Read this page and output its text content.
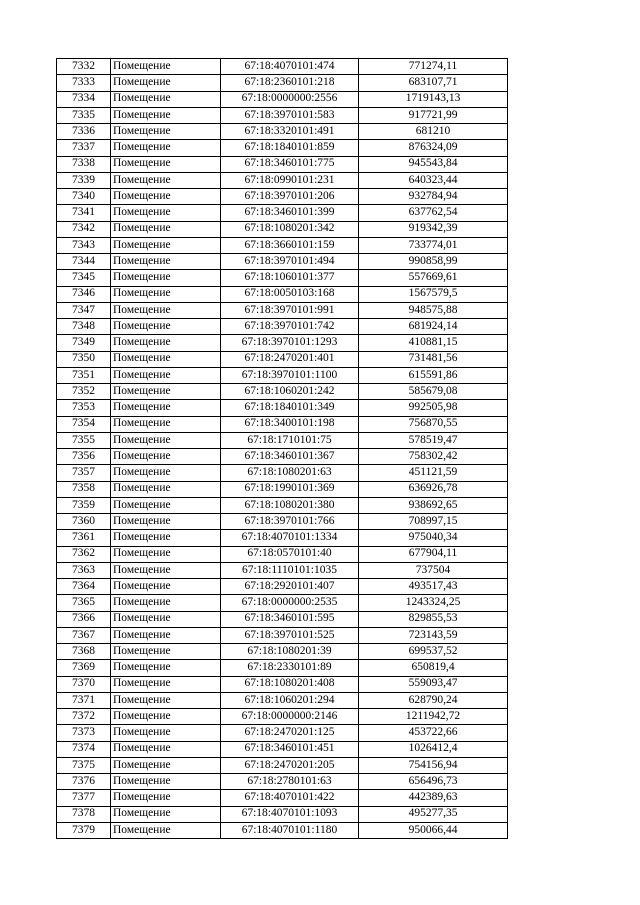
7332	Помещение	67:18:4070101:474	771274,11
7333	Помещение	67:18:2360101:218	683107,71
7334	Помещение	67:18:0000000:2556	1719143,13
7335	Помещение	67:18:3970101:583	917721,99
7336	Помещение	67:18:3320101:491	681210
7337	Помещение	67:18:1840101:859	876324,09
7338	Помещение	67:18:3460101:775	945543,84
7339	Помещение	67:18:0990101:231	640323,44
7340	Помещение	67:18:3970101:206	932784,94
7341	Помещение	67:18:3460101:399	637762,54
7342	Помещение	67:18:1080201:342	919342,39
7343	Помещение	67:18:3660101:159	733774,01
7344	Помещение	67:18:3970101:494	990858,99
7345	Помещение	67:18:1060101:377	557669,61
7346	Помещение	67:18:0050103:168	1567579,5
7347	Помещение	67:18:3970101:991	948575,88
7348	Помещение	67:18:3970101:742	681924,14
7349	Помещение	67:18:3970101:1293	410881,15
7350	Помещение	67:18:2470201:401	731481,56
7351	Помещение	67:18:3970101:1100	615591,86
7352	Помещение	67:18:1060201:242	585679,08
7353	Помещение	67:18:1840101:349	992505,98
7354	Помещение	67:18:3400101:198	756870,55
7355	Помещение	67:18:1710101:75	578519,47
7356	Помещение	67:18:3460101:367	758302,42
7357	Помещение	67:18:1080201:63	451121,59
7358	Помещение	67:18:1990101:369	636926,78
7359	Помещение	67:18:1080201:380	938692,65
7360	Помещение	67:18:3970101:766	708997,15
7361	Помещение	67:18:4070101:1334	975040,34
7362	Помещение	67:18:0570101:40	677904,11
7363	Помещение	67:18:1110101:1035	737504
7364	Помещение	67:18:2920101:407	493517,43
7365	Помещение	67:18:0000000:2535	1243324,25
7366	Помещение	67:18:3460101:595	829855,53
7367	Помещение	67:18:3970101:525	723143,59
7368	Помещение	67:18:1080201:39	699537,52
7369	Помещение	67:18:2330101:89	650819,4
7370	Помещение	67:18:1080201:408	559093,47
7371	Помещение	67:18:1060201:294	628790,24
7372	Помещение	67:18:0000000:2146	1211942,72
7373	Помещение	67:18:2470201:125	453722,66
7374	Помещение	67:18:3460101:451	1026412,4
7375	Помещение	67:18:2470201:205	754156,94
7376	Помещение	67:18:2780101:63	656496,73
7377	Помещение	67:18:4070101:422	442389,63
7378	Помещение	67:18:4070101:1093	495277,35
7379	Помещение	67:18:4070101:1180	950066,44
